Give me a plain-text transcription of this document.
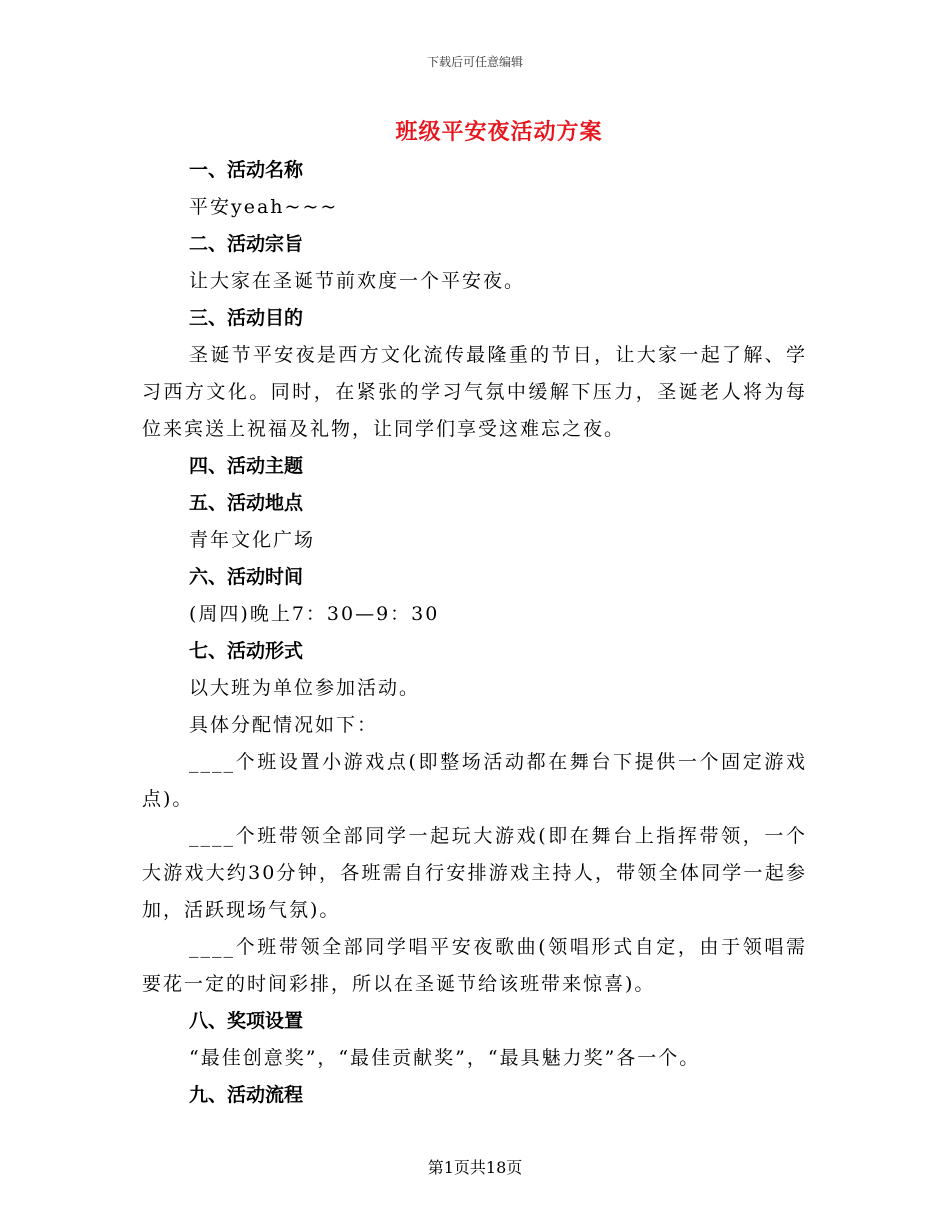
下载后可任意编辑
班级平安夜活动方案
一、活动名称
平安yeah~~~
二、活动宗旨
让大家在圣诞节前欢度一个平安夜。
三、活动目的
圣诞节平安夜是西方文化流传最隆重的节日，让大家一起了解、学习西方文化。同时，在紧张的学习气氛中缓解下压力，圣诞老人将为每位来宾送上祝福及礼物，让同学们享受这难忘之夜。
四、活动主题
五、活动地点
青年文化广场
六、活动时间
(周四)晚上7：30—9：30
七、活动形式
以大班为单位参加活动。
具体分配情况如下：
____个班设置小游戏点(即整场活动都在舞台下提供一个固定游戏点)。
____个班带领全部同学一起玩大游戏(即在舞台上指挥带领，一个大游戏大约30分钟，各班需自行安排游戏主持人，带领全体同学一起参加，活跃现场气氛)。
____个班带领全部同学唱平安夜歌曲(领唱形式自定，由于领唱需要花一定的时间彩排，所以在圣诞节给该班带来惊喜)。
八、奖项设置
“最佳创意奖”，“最佳贡献奖”，“最具魅力奖”各一个。
九、活动流程
第1页共18页
